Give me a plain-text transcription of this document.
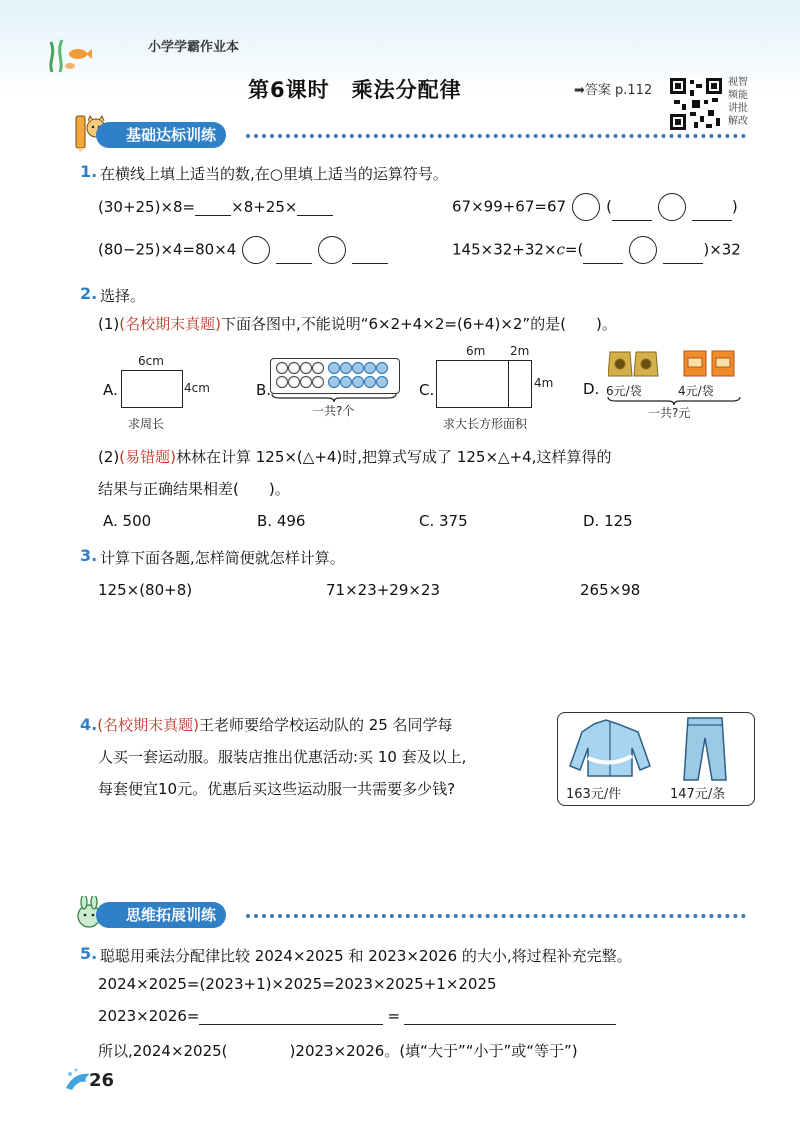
小学学霸作业本
第6课时　乘法分配律	➡答案 p.112
视智
频能
讲批
解改
基础达标训练
1. 在横线上填上适当的数,在○里填上适当的运算符号。
(30+25)×8= ×8+25×	67×99+67=67	(	)
(80−25)×4=80×4	145×32+32×c=(	)×32
2. 选择。
(1)(名校期末真题)下面各图中,不能说明“6×2+4×2=(6+4)×2”的是(　　)。
A.
6cm
4cm
求周长
B.
一共?个
C.
6m 2m
4m
求大长方形面积
D. 6元/袋	4元/袋
一共?元
(2)(易错题)林林在计算 125×(△+4)时,把算式写成了 125×△+4,这样算得的
结果与正确结果相差(　　)。
A. 500	B. 496	C. 375	D. 125
3. 计算下面各题,怎样简便就怎样计算。
125×(80+8)	71×23+29×23	265×98
4.(名校期末真题)王老师要给学校运动队的 25 名同学每
人买一套运动服。服装店推出优惠活动:买 10 套及以上,
每套便宜10元。优惠后买这些运动服一共需要多少钱?	163元/件	147元/条
思维拓展训练
5. 聪聪用乘法分配律比较 2024×2025 和 2023×2026 的大小,将过程补充完整。
2024×2025=(2023+1)×2025=2023×2025+1×2025
2023×2026=	=
所以,2024×2025(	)2023×2026。(填“大于”“小于”或“等于”)
26
